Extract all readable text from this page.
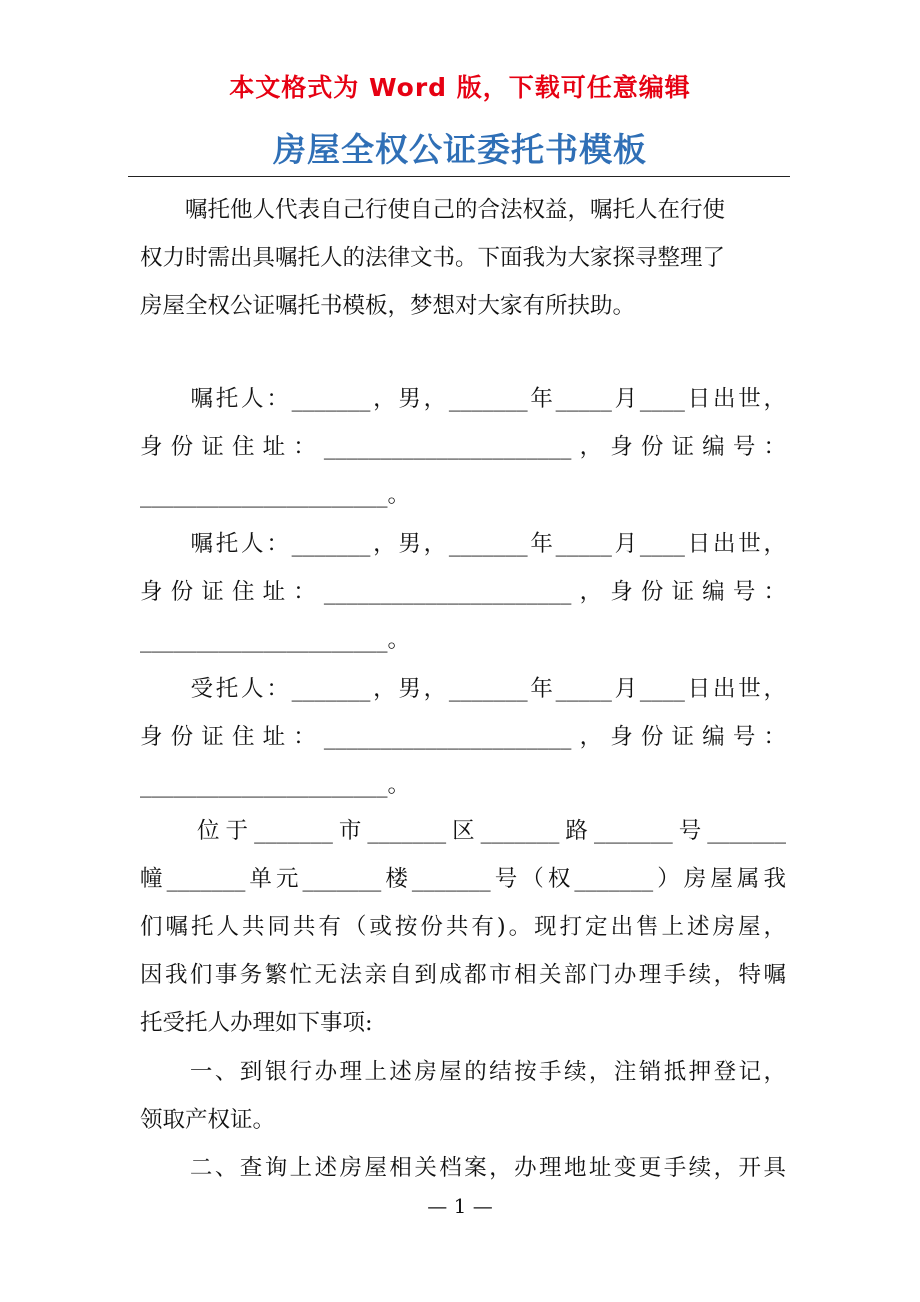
本文格式为 Word 版，下载可任意编辑
房屋全权公证委托书模板

　　嘱托他人代表自己行使自己的合法权益，嘱托人在行使

权力时需出具嘱托人的法律文书。下面我为大家探寻整理了

房屋全权公证嘱托书模板，梦想对大家有所扶助。

　　嘱托人：_______，男，_______年_____月____日出世，

身份证住址：______________________，身份证编号：

______________________。

　　嘱托人：_______，男，_______年_____月____日出世，

身份证住址：______________________，身份证编号：

______________________。

　　受托人：_______，男，_______年_____月____日出世，

身份证住址：______________________，身份证编号：

______________________。

　　位于_______市_______区_______路_______号_______

幢_______单元_______楼_______号（权_______）房屋属我

们嘱托人共同共有（或按份共有)。现打定出售上述房屋，

因我们事务繁忙无法亲自到成都市相关部门办理手续，特嘱

托受托人办理如下事项:

　　一、到银行办理上述房屋的结按手续，注销抵押登记，

领取产权证。

　　二、查询上述房屋相关档案，办理地址变更手续，开具

— 1 —
